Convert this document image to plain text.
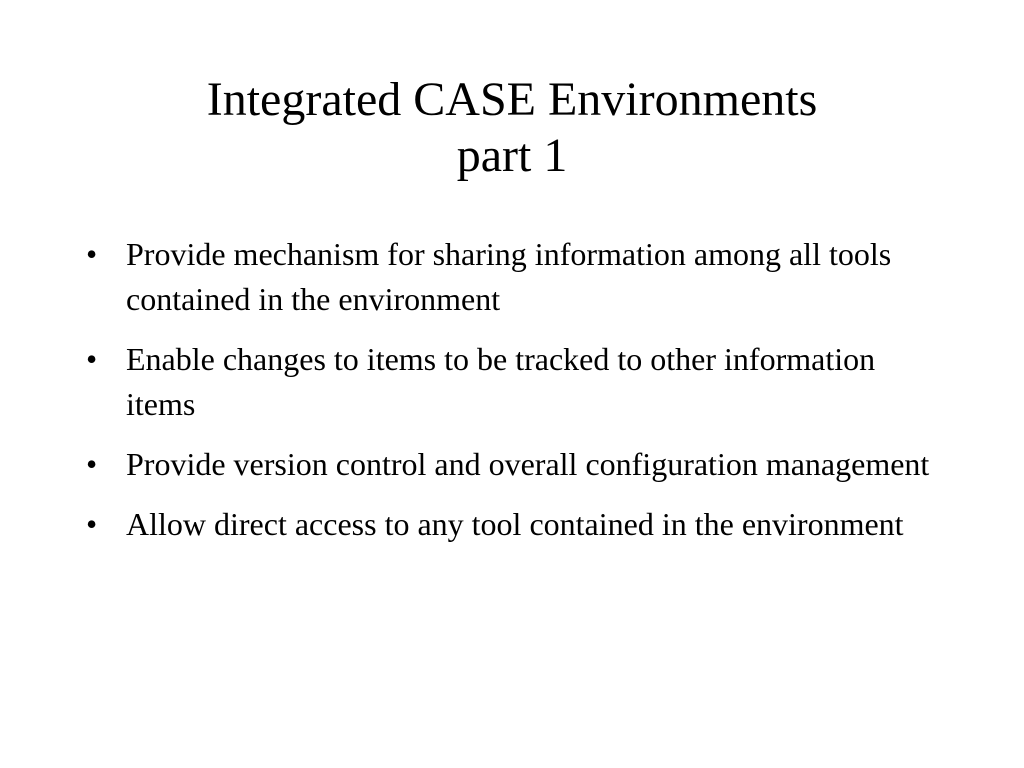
Integrated CASE Environments
part 1
• Provide mechanism for sharing information among all tools contained in the environment
• Enable changes to items to be tracked to other information items
• Provide version control and overall configuration management
• Allow direct access to any tool contained in the environment
